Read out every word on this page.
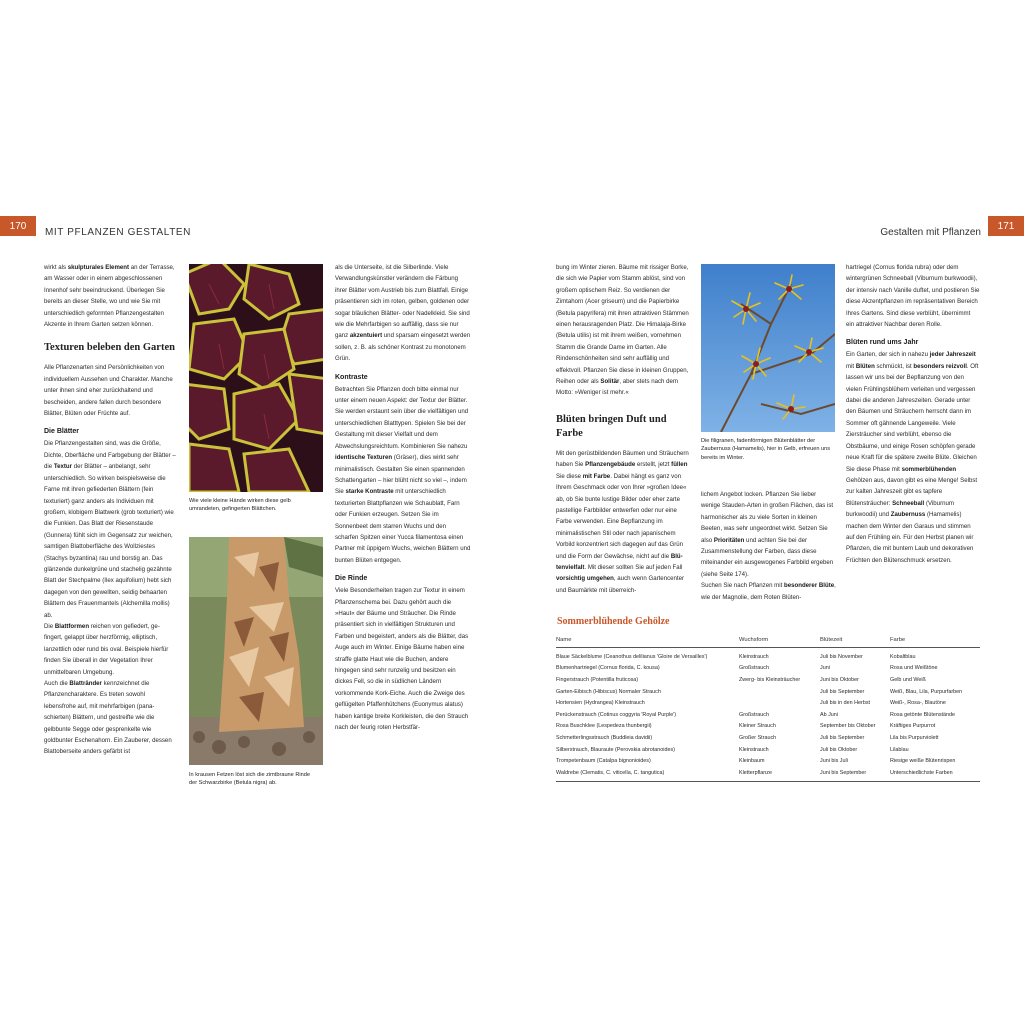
170
MIT PFLANZEN GESTALTEN

wirkt als skulpturales Element an der Terrasse, am Wasser oder in einem abgeschlossenen Innenhof sehr beeindruckend. Überlegen Sie bereits an dieser Stelle, wo und wie Sie mit unterschiedlich geformten Pflanzengestalten Akzente in Ihrem Garten setzen können.

Texturen beleben den Garten

Alle Pflanzenarten sind Persönlichkeiten von individuellem Aussehen und Charakter. Manche unter ihnen sind eher zurückhaltend und bescheiden, andere fallen durch besondere Blätter, Blüten oder Früchte auf.

Die Blätter

Die Pflanzengestalten sind, was die Größe, Dichte, Oberfläche und Farbgebung der Blätter – die Textur der Blätter – anbelangt, sehr unterschiedlich. So wirken beispielsweise die Farne mit ihren gefiederten Blättern (fein texturiert) ganz anders als Individuen mit großem, klobigem Blattwerk (grob texturiert) wie die Funkien. Das Blatt der Riesenstaude (Gunnera) fühlt sich im Gegensatz zur weichen, samtigen Blattoberfläche des Wollziestes (Stachys byzantina) rau und borstig an. Das glänzende dunkelgrüne und stachelig gezähnte Blatt der Stechpalme (Ilex aquifolium) hebt sich dagegen von den gewellten, seidig behaarten Blättern des Frauenmantels (Alchemilla mollis) ab.

Die Blattformen reichen von gefiedert, gefingert, gelappt über herzförmig, elliptisch, lanzettlich oder rund bis oval. Beispiele hierfür finden Sie überall in der Vegetation Ihrer unmittelbaren Umgebung.

Auch die Blattränder kennzeichnet die Pflanzencharaktere. Es treten sowohl lebensfrohe auf, mit mehrfarbigen (panaschierten) Blättern, und gestreifte wie die gelbbunte Segge oder gesprenkelte wie goldbunter Eschenahorn. Ein Zauberer, dessen Blattoberseite anders gefärbt ist

Wie viele kleine Hände wirken diese gelb umrandeten, gefingerten Blättchen.
In krausen Fetzen löst sich die zimtbraune Rinde der Schwarzbirke (Betula nigra) ab.

als die Unterseite, ist die Silberlinde. Viele Verwandlungskünstler verändern die Färbung ihrer Blätter vom Austrieb bis zum Blattfall. Einige präsentieren sich im roten, gelben, goldenen oder sogar bläulichen Blätter- oder Nadelkleid. Sie sind wie die Mehrfarbigen so auffällig, dass sie nur ganz akzentuiert und sparsam eingesetzt werden sollen, z. B. als schöner Kontrast zu monotonem Grün.

Kontraste

Betrachten Sie Pflanzen doch bitte einmal nur unter einem neuen Aspekt: der Textur der Blätter. Sie werden erstaunt sein über die vielfältigen und unterschiedlichen Blatttypen. Spielen Sie bei der Gestaltung mit dieser Vielfalt und dem Abwechslungsreichtum. Kombinieren Sie nahezu identische Texturen (Gräser), dies wirkt sehr minimalistisch. Gestalten Sie einen spannenden Schattengarten – hier blüht nicht so viel –, indem Sie starke Kontraste mit unterschiedlich texturierten Blattpflanzen wie Schaublatt, Farn oder Funkien erzeugen. Setzen Sie im Sonnenbeet dem starren Wuchs und den scharfen Spitzen einer Yucca filamentosa einen Partner mit üppigem Wuchs, weichen Blättern und bunten Blüten entgegen.

Die Rinde

Viele Besonderheiten tragen zur Textur in einem Pflanzenschema bei. Dazu gehört auch die »Haut« der Bäume und Sträucher. Die Rinde präsentiert sich in vielfältigen Strukturen und Farben und begeistert, anders als die Blätter, das Auge auch im Winter. Einige Bäume haben eine straffe glatte Haut wie die Buchen, andere hingegen sind sehr runzelig und besitzen ein dickes Fell, so die in südlichen Ländern vorkommende Kork-Eiche. Auch die Zweige des geflügelten Pfaffenhütchens (Euonymus alatus) haben kantige breite Korkleisten, die den Strauch nach der feurig roten Herbstfär-

171
Gestalten mit Pflanzen

bung im Winter zieren. Bäume mit rissiger Borke, die sich wie Papier vom Stamm ablöst, sind von großem optischem Reiz. So verdienen der Zimtahorn (Acer griseum) und die Papierbirke (Betula papyrifera) mit ihren attraktiven Stämmen einen herausragenden Platz. Die Himalaja-Birke (Betula utilis) ist mit ihrem weißen, vornehmen Stamm die Grande Dame im Garten. Alle Rindenschönheiten sind sehr auffällig und effektvoll. Pflanzen Sie diese in kleinen Gruppen, Reihen oder als Solitär, aber stets nach dem Motto: »Weniger ist mehr.«

Blüten bringen Duft und Farbe

Mit den gerüstbildenden Bäumen und Sträuchern haben Sie Pflanzengebäude erstellt, jetzt füllen Sie diese mit Farbe. Dabei hängt es ganz von Ihrem Geschmack oder von Ihrer »großen Idee« ab, ob Sie bunte lustige Bilder oder eher zarte pastellige Farbbilder entwerfen oder nur eine Farbe verwenden. Eine Bepflanzung im minimalistischen Stil oder nach japanischem Vorbild konzentriert sich dagegen auf das Grün und die Form der Gewächse, nicht auf die Blütenvielfalt. Mit dieser sollten Sie auf jeden Fall vorsichtig umgehen, auch wenn Gartencenter und Baumärkte mit überreich-

Die filigranen, fadenförmigen Blütenblätter der Zaubernuss (Hamamelis), hier in Gelb, erfreuen uns bereits im Winter.

lichem Angebot locken. Pflanzen Sie lieber wenige Stauden-Arten in großen Flächen, das ist harmonischer als zu viele Sorten in kleinen Beeten, was sehr ungeordnet wirkt. Setzen Sie also Prioritäten und achten Sie bei der Zusammenstellung der Farben, dass diese miteinander ein ausgewogenes Farbbild ergeben (siehe Seite 174).

Suchen Sie nach Pflanzen mit besonderer Blüte, wie der Magnolie, dem Roten Blüten-

hartriegel (Cornus florida rubra) oder dem wintergrünen Schneeball (Viburnum burkwoodii), der intensiv nach Vanille duftet, und postieren Sie diese Akzentpflanzen im repräsentativen Bereich Ihres Gartens. Sind diese verblüht, übernimmt ein attraktiver Nachbar deren Rolle.

Blüten rund ums Jahr

Ein Garten, der sich in nahezu jeder Jahreszeit mit Blüten schmückt, ist besonders reizvoll. Oft lassen wir uns bei der Bepflanzung von den vielen Frühlingsblühern verleiten und vergessen dabei die anderen Jahreszeiten. Gerade unter den Bäumen und Sträuchern herrscht dann im Sommer oft gähnende Langeweile. Viele Ziersträucher sind verblüht, ebenso die Obstbäume, und einige Rosen schöpfen gerade neue Kraft für die spätere zweite Blüte. Gleichen Sie diese Phase mit sommerblühenden Gehölzen aus, davon gibt es eine Menge! Selbst zur kalten Jahreszeit gibt es tapfere Blütensträucher: Schneeball (Viburnum burkwoodii) und Zaubernuss (Hamamelis) machen dem Winter den Garaus und stimmen auf den Frühling ein. Für den Herbst planen wir Pflanzen, die mit buntem Laub und dekorativen Früchten den Blütenschmuck ersetzen.

Sommerblühende Gehölze
Name	Wuchsform	Blütezeit	Farbe
Blaue Säckelblume (Ceanothus delilianus 'Gloire de Versailles')	Kleinstrauch	Juli bis November	Kobaltblau
Blumenhartriegel (Cornus florida, C. kousa)	Großstrauch	Juni	Rosa und Weißtöne
Fingerstrauch (Potentilla fruticosa)	Zwerg- bis Kleinsträucher	Juni bis Oktober	Gelb und Weiß
Garten-Eibisch (Hibiscus) Normaler Strauch		Juli bis September	Weiß, Blau, Lila, Purpurfarben
Hortensien (Hydrangea) Kleinstrauch		Juli bis in den Herbst	Weiß-, Rosa-, Blautöne
Perückenstrauch (Cotinus coggyria 'Royal Purple')	Großstrauch	Ab Juni	Rosa getönte Blütenstände
Rosa Buschklee (Lespedeza thunbergii)	Kleiner Strauch	September bis Oktober	Kräftiges Purpurrot
Schmetterlingsstrauch (Buddleia davidii)	Großer Strauch	Juli bis September	Lila bis Purpurviolett
Silberstrauch, Blauraute (Perovskia abrotanoides)	Kleinstrauch	Juli bis Oktober	Lilablau
Trompetenbaum (Catalpa bignonioides)	Kleinbaum	Juni bis Juli	Riesige weiße Blütenrispen
Waldrebe (Clematis, C. viticella, C. tangutica)	Kletterpflanze	Juni bis September	Unterschiedlichste Farben
